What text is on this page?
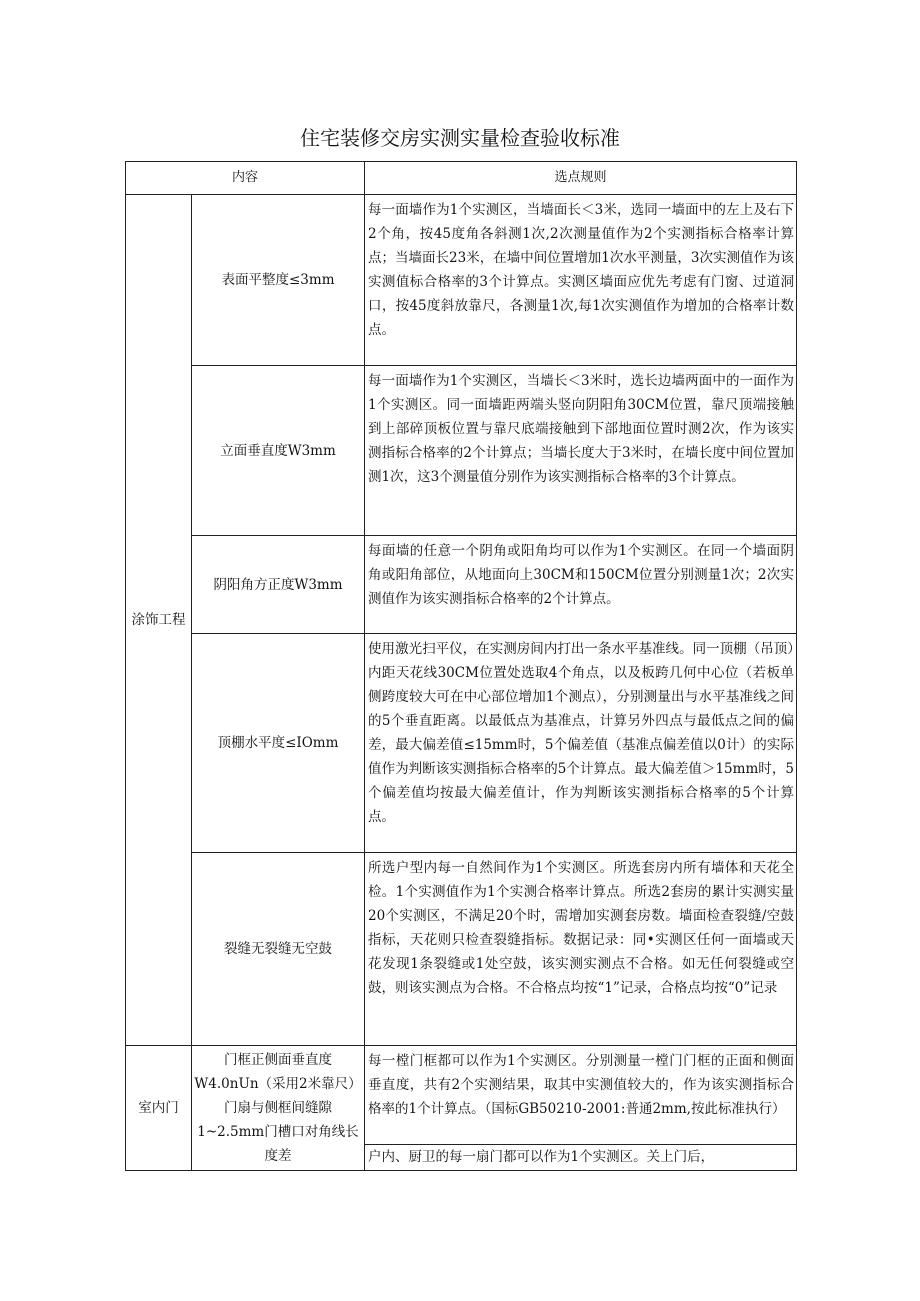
住宅装修交房实测实量检查验收标准
内容		选点规则
涂饰工程	表面平整度≤3mm	每一面墙作为1个实测区，当墙面长＜3米，选同一墙面中的左上及右下2个角，按45度角各斜测1次,2次测量值作为2个实测指标合格率计算点；当墙面长23米，在墙中间位置增加1次水平测量，3次实测值作为该实测值标合格率的3个计算点。实测区墙面应优先考虑有门窗、过道洞口，按45度斜放靠尺，各测量1次,每1次实测值作为增加的合格率计数点。
	立面垂直度W3mm	每一面墙作为1个实测区，当墙长＜3米时，选长边墙两面中的一面作为1个实测区。同一面墙距两端头竖向阴阳角30CM位置，靠尺顶端接触到上部碎顶板位置与靠尺底端接触到下部地面位置时测2次，作为该实测指标合格率的2个计算点；当墙长度大于3米时，在墙长度中间位置加测1次，这3个测量值分别作为该实测指标合格率的3个计算点。
	阴阳角方正度W3mm	每面墙的任意一个阴角或阳角均可以作为1个实测区。在同一个墙面阴角或阳角部位，从地面向上30CM和150CM位置分别测量1次；2次实测值作为该实测指标合格率的2个计算点。
	顶棚水平度≤IOmm	使用激光扫平仪，在实测房间内打出一条水平基准线。同一顶棚（吊顶）内距天花线30CM位置处选取4个角点，以及板跨几何中心位（若板单侧跨度较大可在中心部位增加1个测点），分别测量出与水平基准线之间的5个垂直距离。以最低点为基准点，计算另外四点与最低点之间的偏差，最大偏差值≤15mm时，5个偏差值（基准点偏差值以0计）的实际值作为判断该实测指标合格率的5个计算点。最大偏差值＞15mm时，5个偏差值均按最大偏差值计，作为判断该实测指标合格率的5个计算点。
	裂缝无裂缝无空鼓	所选户型内每一自然间作为1个实测区。所选套房内所有墙体和天花全检。1个实测值作为1个实测合格率计算点。所选2套房的累计实测实量20个实测区，不满足20个时，需增加实测套房数。墙面检查裂缝/空鼓指标，天花则只检查裂缝指标。数据记录：同•实测区任何一面墙或天花发现1条裂缝或1处空鼓，该实测实测点不合格。如无任何裂缝或空鼓，则该实测点为合格。不合格点均按“1”记录，合格点均按“0”记录
室内门	门框正侧面垂直度W4.0nUn（采用2米靠尺）门扇与侧框间缝隙1~2.5mm门槽口对角线长度差	每一樘门框都可以作为1个实测区。分别测量一樘门门框的正面和侧面垂直度，共有2个实测结果，取其中实测值较大的，作为该实测指标合格率的1个计算点。（国标GB50210-2001:普通2mm,按此标准执行）
		户内、厨卫的每一扇门都可以作为1个实测区。关上门后，
